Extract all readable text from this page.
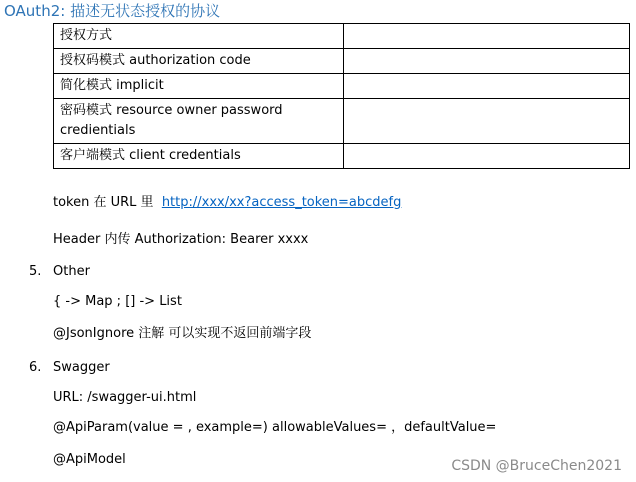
OAuth2: 描述无状态授权的协议
授权方式	
授权码模式 authorization code	
简化模式 implicit	
密码模式 resource owner password credientials	
客户端模式 client credentials	
token 在 URL 里 http://xxx/xx?access_token=abcdefg
Header 内传 Authorization: Bearer xxxx
5. Other
{ -> Map ; [] -> List
@JsonIgnore 注解 可以实现不返回前端字段
6. Swagger
URL: /swagger-ui.html
@ApiParam(value = , example=) allowableValues= ，defaultValue=
@ApiModel	CSDN @BruceChen2021
